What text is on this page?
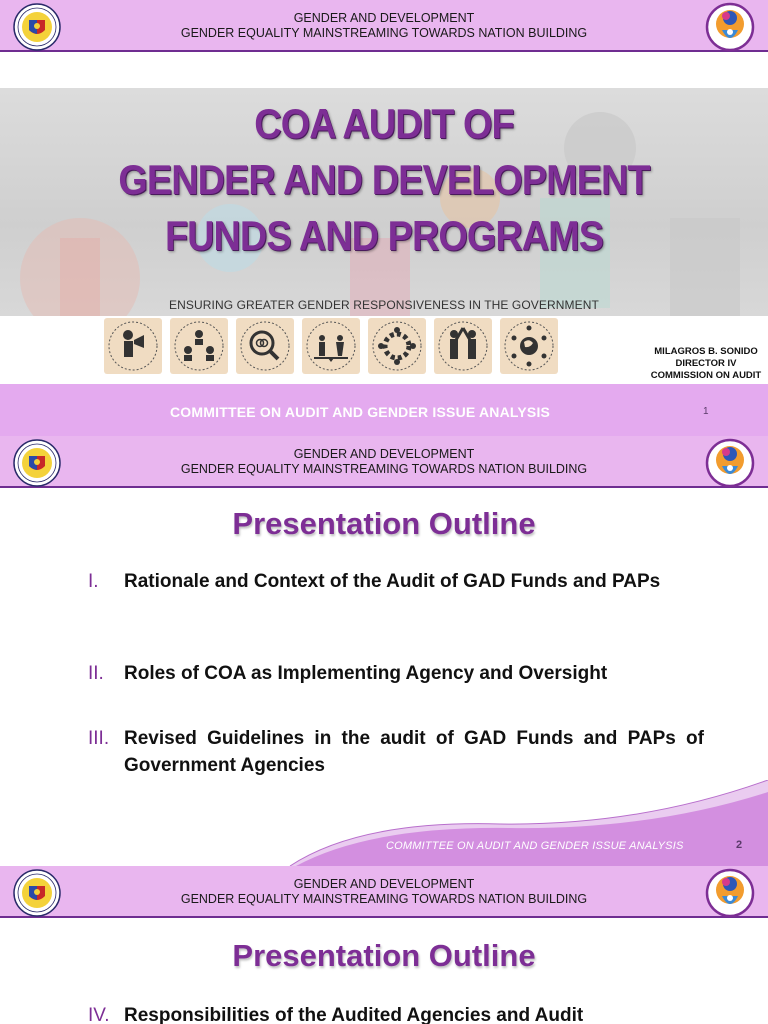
GENDER AND DEVELOPMENT
GENDER EQUALITY MAINSTREAMING TOWARDS NATION BUILDING
COA AUDIT OF
GENDER AND DEVELOPMENT
FUNDS AND PROGRAMS
ENSURING GREATER GENDER RESPONSIVENESS IN THE GOVERNMENT
MILAGROS B. SONIDO
DIRECTOR IV
COMMISSION ON AUDIT
COMMITTEE ON AUDIT AND GENDER ISSUE ANALYSIS	1
GENDER AND DEVELOPMENT
GENDER EQUALITY MAINSTREAMING TOWARDS NATION BUILDING
Presentation Outline
I. Rationale and Context of the Audit of GAD Funds and PAPs
II. Roles of COA as Implementing Agency and Oversight
III. Revised Guidelines in the audit of GAD Funds and PAPs of Government Agencies
COMMITTEE ON AUDIT AND GENDER ISSUE ANALYSIS	2
GENDER AND DEVELOPMENT
GENDER EQUALITY MAINSTREAMING TOWARDS NATION BUILDING
Presentation Outline
IV. Responsibilities of the Audited Agencies and Audit
